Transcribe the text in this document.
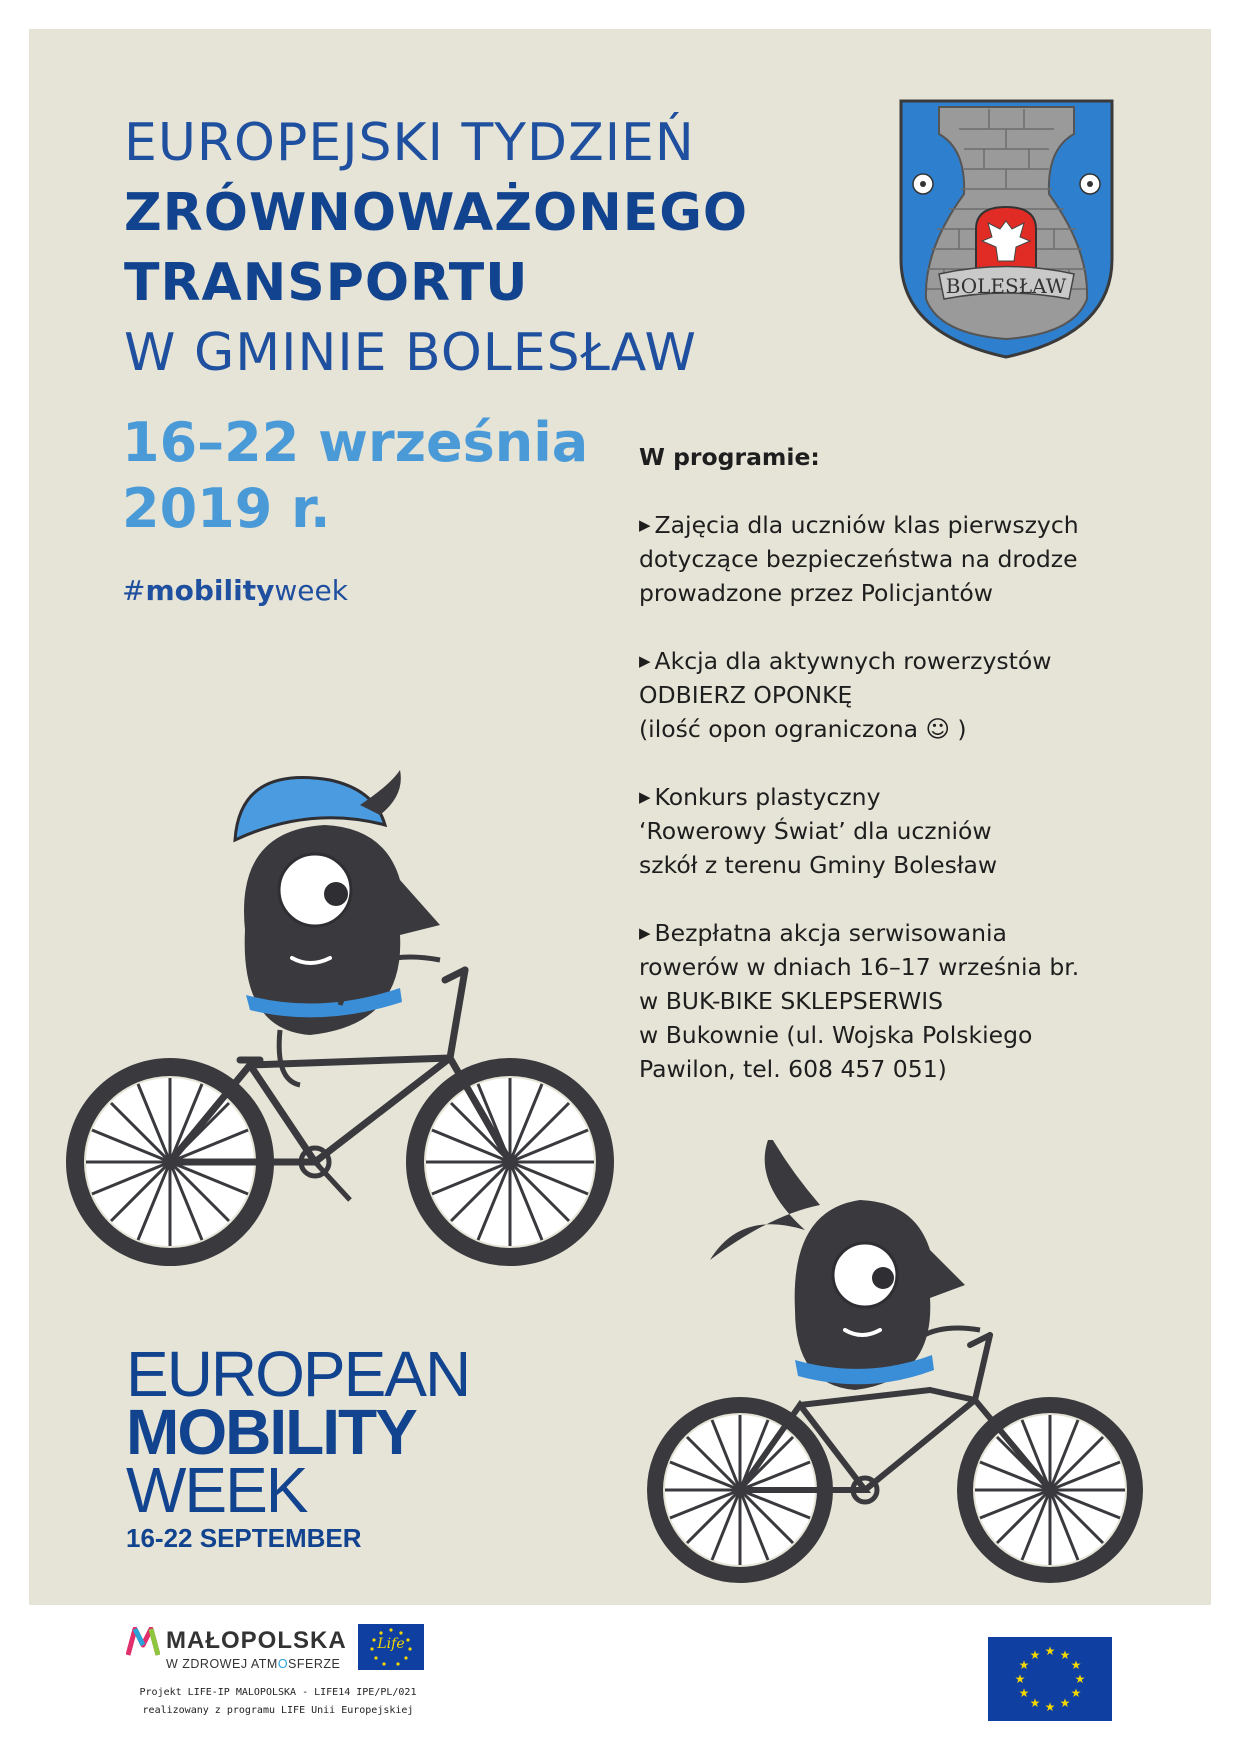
EUROPEJSKI TYDZIEŃ
ZRÓWNOWAŻONEGO
TRANSPORTU
W GMINIE BOLESŁAW
BOLESŁAW
16–22 września
2019 r.
#mobilityweek
W programie:
▶ Zajęcia dla uczniów klas pierwszych
dotyczące bezpieczeństwa na drodze
prowadzone przez Policjantów
▶ Akcja dla aktywnych rowerzystów
ODBIERZ OPONKĘ
(ilość opon ograniczona ☺ )
▶ Konkurs plastyczny
‘Rowerowy Świat’ dla uczniów
szkół z terenu Gminy Bolesław
▶ Bezpłatna akcja serwisowania
rowerów w dniach 16–17 września br.
w BUK-BIKE SKLEPSERWIS
w Bukownie (ul. Wojska Polskiego
Pawilon, tel. 608 457 051)
EUROPEAN
MOBILITY
WEEK
16-22 SEPTEMBER
MAŁOPOLSKA
W ZDROWEJ ATMOSFERZE
Life
Projekt LIFE-IP MALOPOLSKA - LIFE14 IPE/PL/021
realizowany z programu LIFE Unii Europejskiej
★ ★
★
★
★
★
★
★
★
★
★
★
